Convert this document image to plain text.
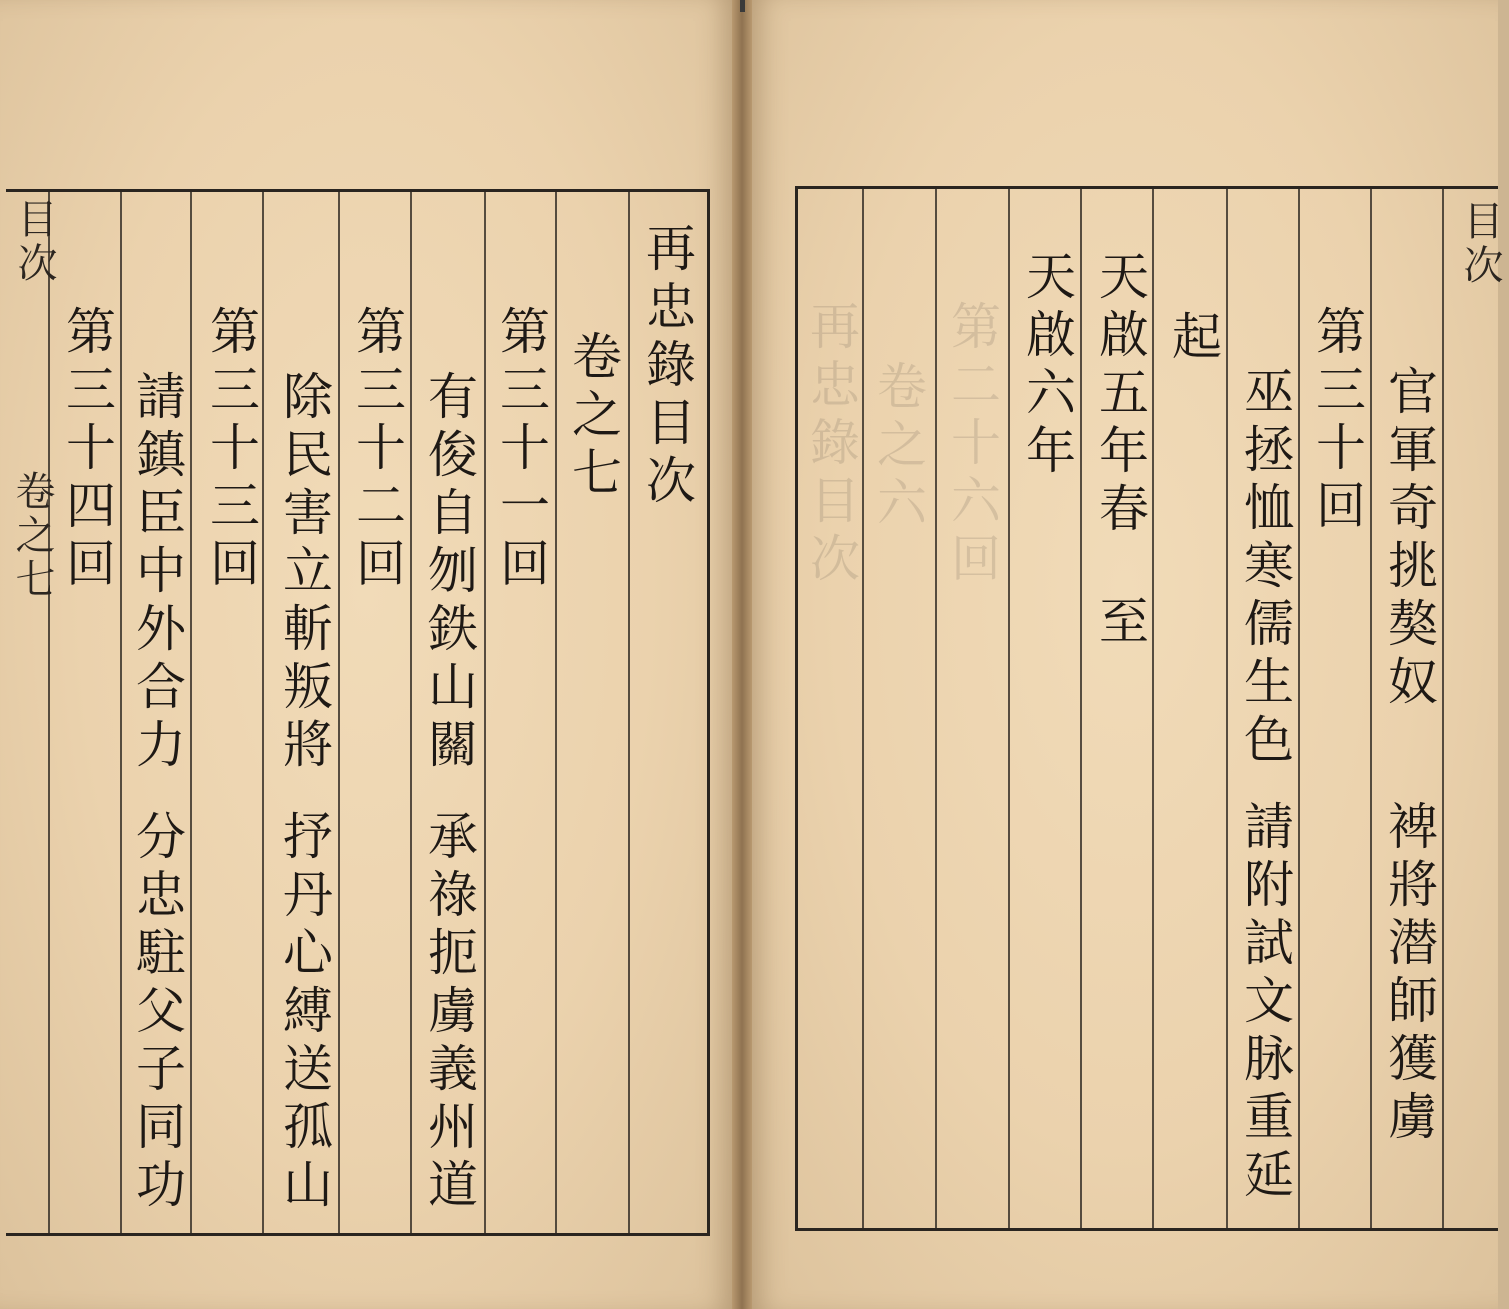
再忠錄目次
卷之七
第三十一回
有俊自刎鉄山關
承祿扼虜義州道
第三十二回
除民害立斬叛將
抒丹心縛送孤山
第三十三回
請鎮臣中外合力
分忠駐父子同功
第三十四回
目次
卷之七	再忠錄目次 卷之六 第二十六回	官軍奇挑獒奴
裨將潜師獲虜
第三十回
巫拯恤寒儒生色
請附試文脉重延
起
天啟五年春
至
天啟六年
目次
